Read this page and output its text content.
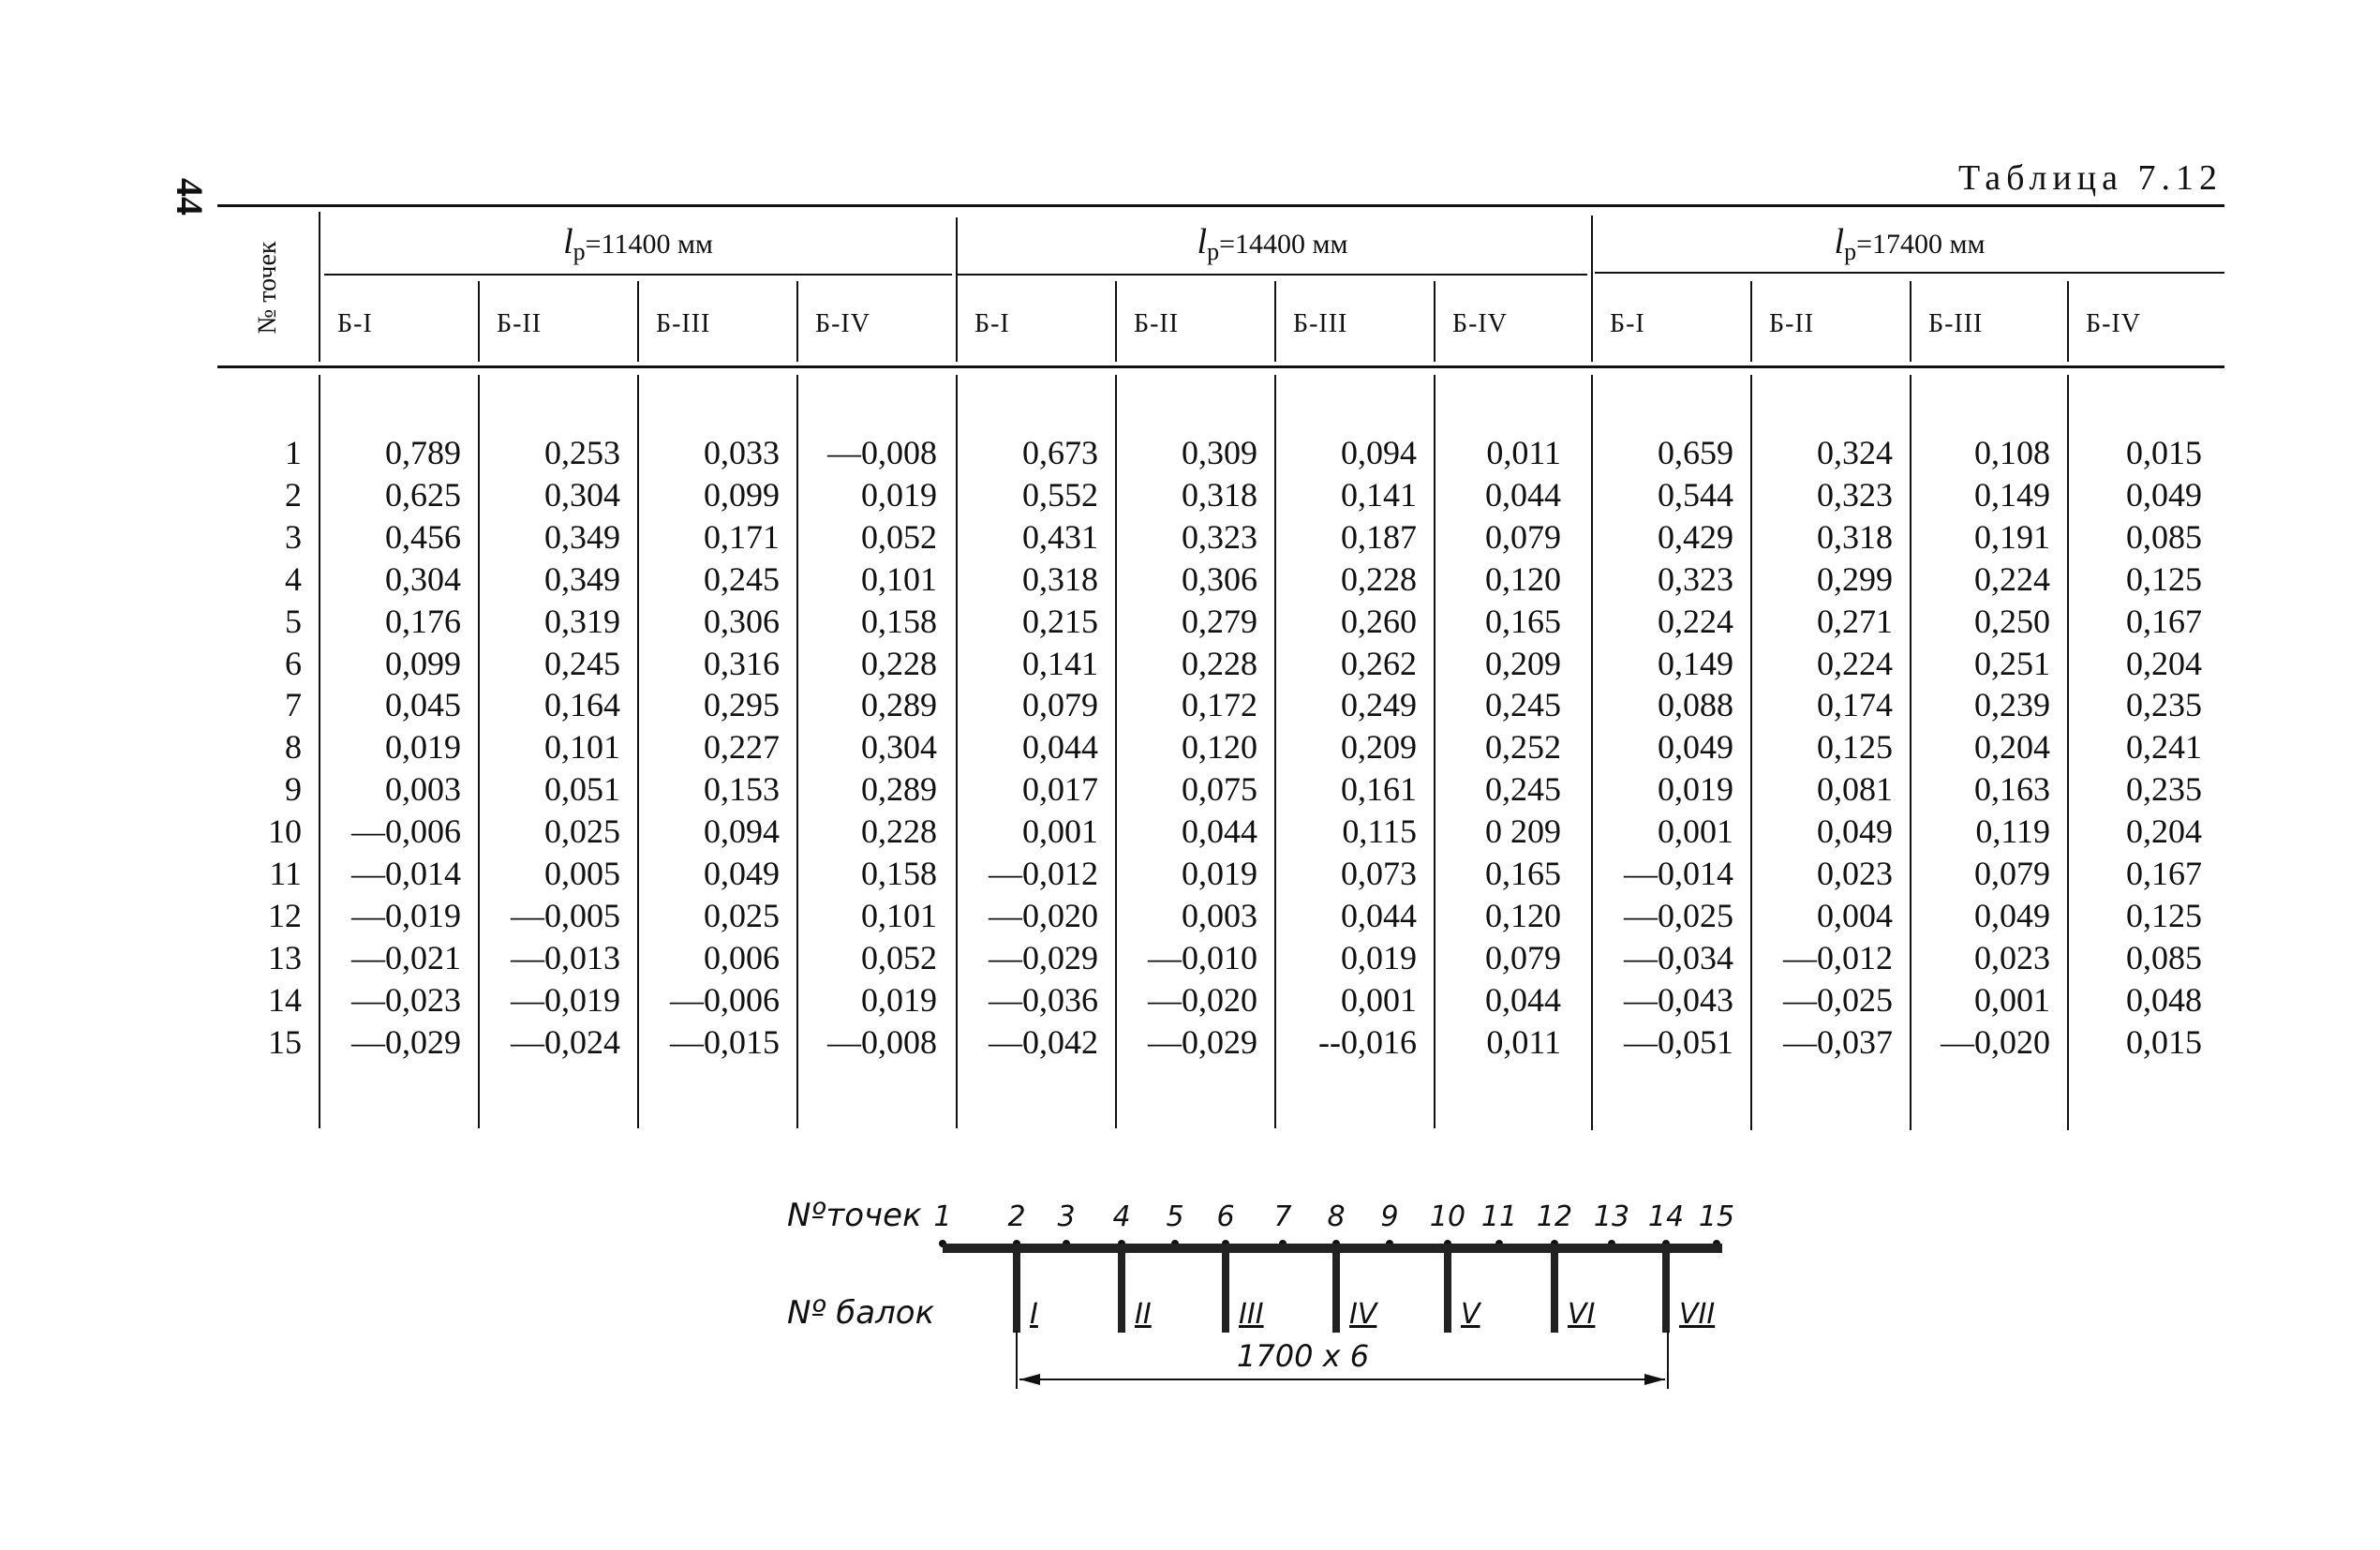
44	Таблица 7.12
№ точек	$l_р=11400$ мм	$l_р=14400$ мм	$l_р=17400$ мм
Б-I	Б-II	Б-III	Б-IV	Б-I	Б-II	Б-III	Б-IV	Б-I	Б-II	Б-III	Б-IV
1	0,789	0,253	0,033	—0,008	0,673	0,309	0,094	0,011	0,659	0,324	0,108	0,015
2	0,625	0,304	0,099	0,019	0,552	0,318	0,141	0,044	0,544	0,323	0,149	0,049
3	0,456	0,349	0,171	0,052	0,431	0,323	0,187	0,079	0,429	0,318	0,191	0,085
4	0,304	0,349	0,245	0,101	0,318	0,306	0,228	0,120	0,323	0,299	0,224	0,125
5	0,176	0,319	0,306	0,158	0,215	0,279	0,260	0,165	0,224	0,271	0,250	0,167
6	0,099	0,245	0,316	0,228	0,141	0,228	0,262	0,209	0,149	0,224	0,251	0,204
7	0,045	0,164	0,295	0,289	0,079	0,172	0,249	0,245	0,088	0,174	0,239	0,235
8	0,019	0,101	0,227	0,304	0,044	0,120	0,209	0,252	0,049	0,125	0,204	0,241
9	0,003	0,051	0,153	0,289	0,017	0,075	0,161	0,245	0,019	0,081	0,163	0,235
10	—0,006	0,025	0,094	0,228	0,001	0,044	0,115	0 209	0,001	0,049	0,119	0,204
11	—0,014	0,005	0,049	0,158	—0,012	0,019	0,073	0,165	—0,014	0,023	0,079	0,167
12	—0,019	—0,005	0,025	0,101	—0,020	0,003	0,044	0,120	—0,025	0,004	0,049	0,125
13	—0,021	—0,013	0,006	0,052	—0,029	—0,010	0,019	0,079	—0,034	—0,012	0,023	0,085
14	—0,023	—0,019	—0,006	0,019	—0,036	—0,020	0,001	0,044	—0,043	—0,025	0,001	0,048
15	—0,029	—0,024	—0,015	—0,008	—0,042	—0,029	--0,016	0,011	—0,051	—0,037	—0,020	0,015
Nºточек
Nº балок
1 2 3 4 5 6 7 8 9 10 11 12 13 14 15
I	II	III	IV	V	VI	VII
1700 x 6
